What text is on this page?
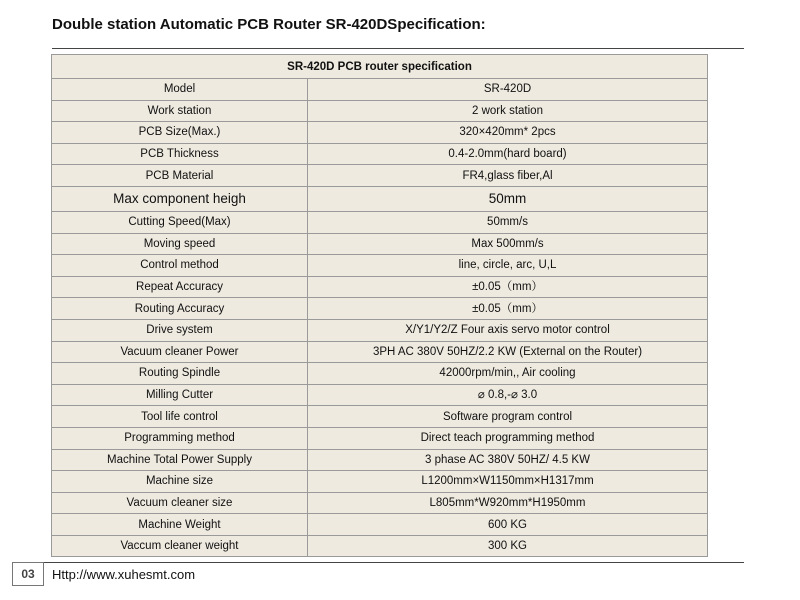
Double station Automatic PCB Router SR-420DSpecification:
SR-420D PCB router specification	
Model	SR-420D
Work station	2 work station
PCB Size(Max.)	320×420mm* 2pcs
PCB Thickness	0.4-2.0mm(hard board)
PCB Material	FR4,glass fiber,Al
Max component heigh	50mm
Cutting Speed(Max)	50mm/s
Moving speed	Max 500mm/s
Control method	line, circle, arc, U,L
Repeat Accuracy	±0.05（mm）
Routing Accuracy	±0.05（mm）
Drive system	X/Y1/Y2/Z Four axis servo motor control
Vacuum cleaner Power	3PH AC 380V 50HZ/2.2 KW (External on the Router)
Routing Spindle	42000rpm/min,, Air cooling
Milling Cutter	⌀ 0.8,-⌀ 3.0
Tool life control	Software program control
Programming method	Direct teach programming method
Machine Total Power Supply	3 phase AC 380V 50HZ/ 4.5 KW
Machine size	L1200mm×W1150mm×H1317mm
Vacuum cleaner size	L805mm*W920mm*H1950mm
Machine Weight	600 KG
Vaccum cleaner weight	300 KG
03	Http://www.xuhesmt.com
